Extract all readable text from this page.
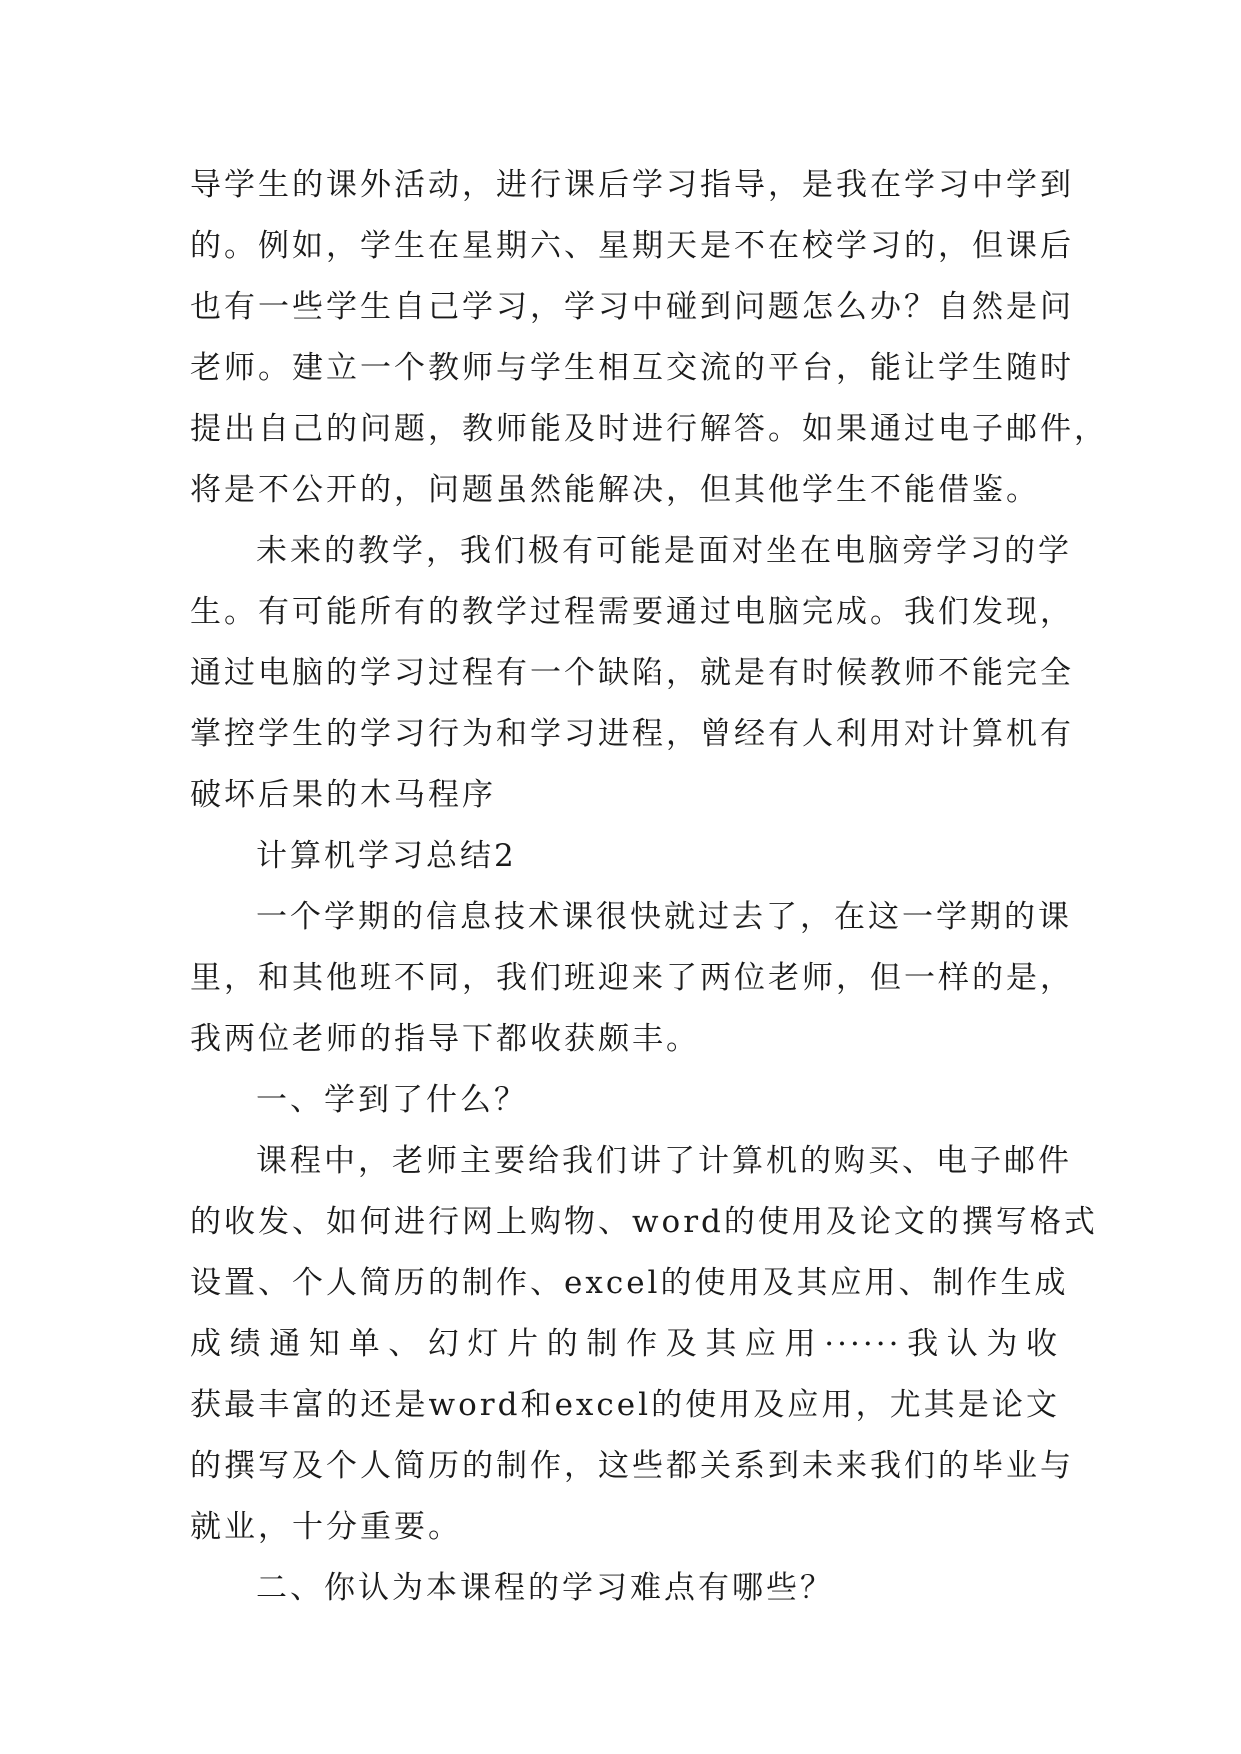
导学生的课外活动，进行课后学习指导，是我在学习中学到
的。例如，学生在星期六、星期天是不在校学习的，但课后
也有一些学生自己学习，学习中碰到问题怎么办？自然是问
老师。建立一个教师与学生相互交流的平台，能让学生随时
提出自己的问题，教师能及时进行解答。如果通过电子邮件，
将是不公开的，问题虽然能解决，但其他学生不能借鉴。
未来的教学，我们极有可能是面对坐在电脑旁学习的学
生。有可能所有的教学过程需要通过电脑完成。我们发现，
通过电脑的学习过程有一个缺陷，就是有时候教师不能完全
掌控学生的学习行为和学习进程，曾经有人利用对计算机有
破坏后果的木马程序
计算机学习总结2
一个学期的信息技术课很快就过去了，在这一学期的课
里，和其他班不同，我们班迎来了两位老师，但一样的是，
我两位老师的指导下都收获颇丰。
一、学到了什么？
课程中，老师主要给我们讲了计算机的购买、电子邮件
的收发、如何进行网上购物、word的使用及论文的撰写格式
设置、个人简历的制作、excel的使用及其应用、制作生成
成绩通知单、幻灯片的制作及其应用······我认为收
获最丰富的还是word和excel的使用及应用，尤其是论文
的撰写及个人简历的制作，这些都关系到未来我们的毕业与
就业，十分重要。
二、你认为本课程的学习难点有哪些？
